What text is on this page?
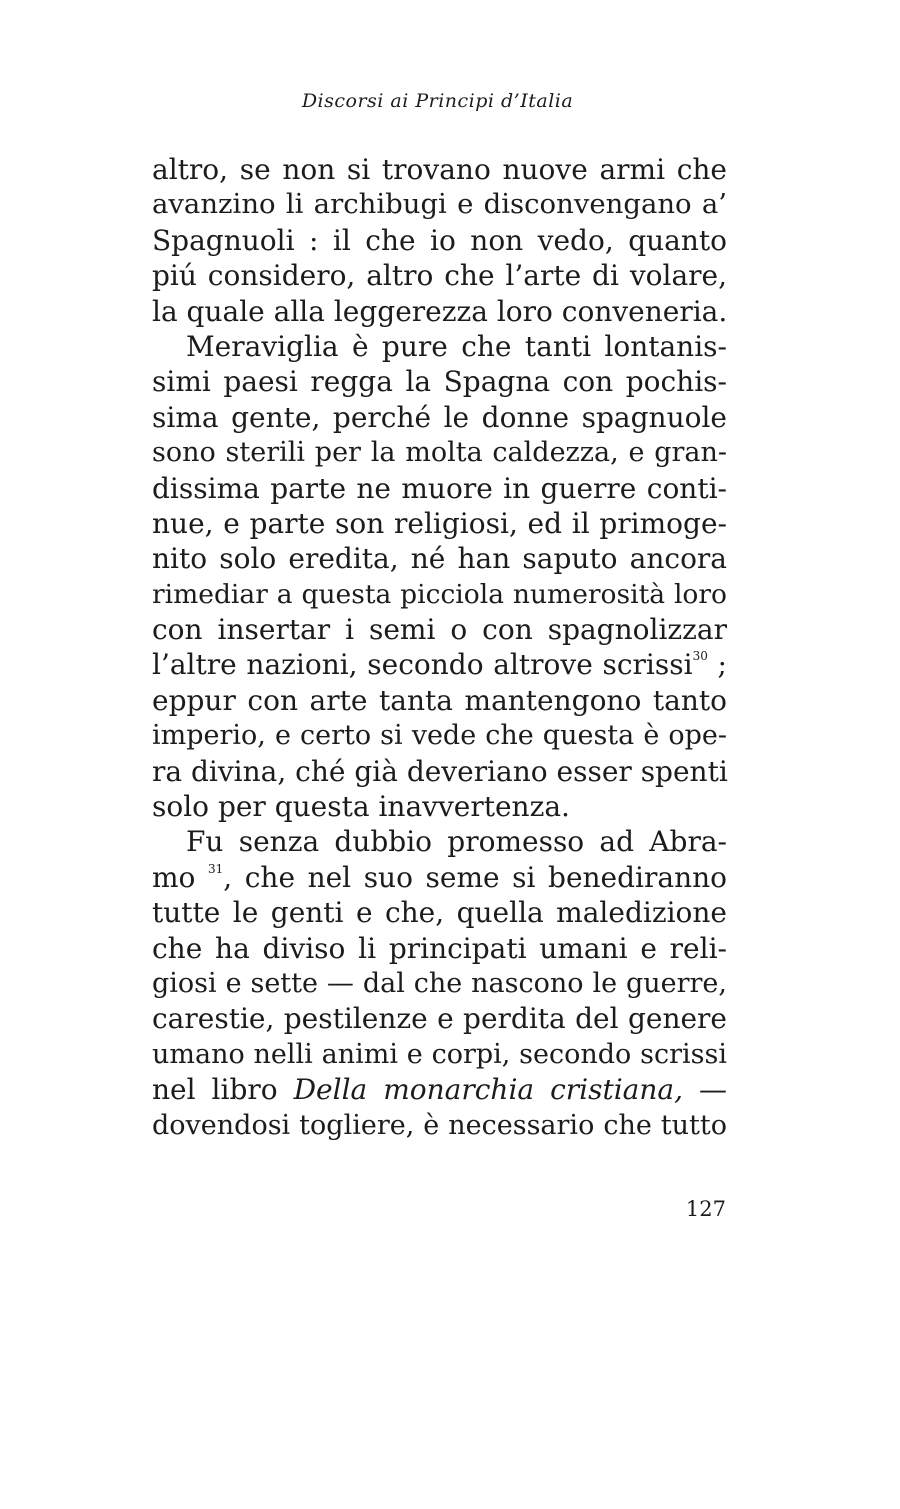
Discorsi ai Principi d’Italia
altro, se non si trovano nuove armi che
avanzino li archibugi e disconvengano a’
Spagnuoli : il che io non vedo, quanto
piú considero, altro che l’arte di volare,
la quale alla leggerezza loro conveneria.
Meraviglia è pure che tanti lontanis-
simi paesi regga la Spagna con pochis-
sima gente, perché le donne spagnuole
sono sterili per la molta caldezza, e gran-
dissima parte ne muore in guerre conti-
nue, e parte son religiosi, ed il primoge-
nito solo eredita, né han saputo ancora
rimediar a questa picciola numerosità loro
con insertar i semi o con spagnolizzar
l’altre nazioni, secondo altrove scrissi$^{30}$ ;
eppur con arte tanta mantengono tanto
imperio, e certo si vede che questa è ope-
ra divina, ché già deveriano esser spenti
solo per questa inavvertenza.
Fu senza dubbio promesso ad Abra-
mo $^{31}$, che nel suo seme si benediranno
tutte le genti e che, quella maledizione
che ha diviso li principati umani e reli-
giosi e sette — dal che nascono le guerre,
carestie, pestilenze e perdita del genere
umano nelli animi e corpi, secondo scrissi
nel libro Della monarchia cristiana, —
dovendosi togliere, è necessario che tutto
127
